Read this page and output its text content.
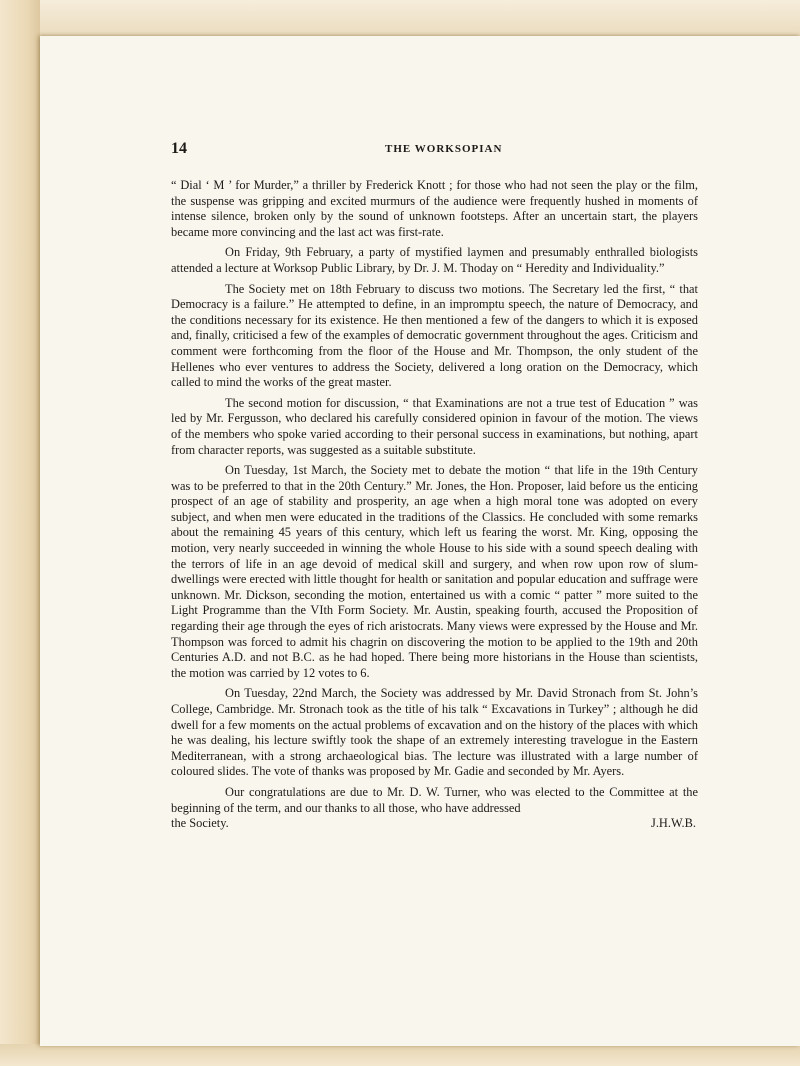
14	THE WORKSOPIAN

“ Dial ‘ M ’ for Murder,” a thriller by Frederick Knott ; for those who had not seen the play or the film, the suspense was gripping and excited murmurs of the audience were frequently hushed in moments of intense silence, broken only by the sound of unknown footsteps. After an uncertain start, the players became more convincing and the last act was first-rate.

On Friday, 9th February, a party of mystified laymen and presumably enthralled biologists attended a lecture at Worksop Public Library, by Dr. J. M. Thoday on “ Heredity and Individuality.”

The Society met on 18th February to discuss two motions. The Secretary led the first, “ that Democracy is a failure.” He attempted to define, in an impromptu speech, the nature of Democracy, and the conditions necessary for its existence. He then mentioned a few of the dangers to which it is exposed and, finally, criticised a few of the examples of democratic government throughout the ages. Criticism and comment were forthcoming from the floor of the House and Mr. Thompson, the only student of the Hellenes who ever ventures to address the Society, delivered a long oration on the Democracy, which called to mind the works of the great master.

The second motion for discussion, “ that Examinations are not a true test of Education ” was led by Mr. Fergusson, who declared his carefully considered opinion in favour of the motion. The views of the members who spoke varied according to their personal success in examinations, but nothing, apart from character reports, was suggested as a suitable substitute.

On Tuesday, 1st March, the Society met to debate the motion “ that life in the 19th Century was to be preferred to that in the 20th Century.” Mr. Jones, the Hon. Proposer, laid before us the enticing prospect of an age of stability and prosperity, an age when a high moral tone was adopted on every subject, and when men were educated in the traditions of the Classics. He concluded with some remarks about the remaining 45 years of this century, which left us fearing the worst. Mr. King, opposing the motion, very nearly succeeded in winning the whole House to his side with a sound speech dealing with the terrors of life in an age devoid of medical skill and surgery, and when row upon row of slum-dwellings were erected with little thought for health or sanitation and popular education and suffrage were unknown. Mr. Dickson, seconding the motion, entertained us with a comic “ patter ” more suited to the Light Programme than the VIth Form Society. Mr. Austin, speaking fourth, accused the Proposition of regarding their age through the eyes of rich aristocrats. Many views were expressed by the House and Mr. Thompson was forced to admit his chagrin on discovering the motion to be applied to the 19th and 20th Centuries A.D. and not B.C. as he had hoped. There being more historians in the House than scientists, the motion was carried by 12 votes to 6.

On Tuesday, 22nd March, the Society was addressed by Mr. David Stronach from St. John’s College, Cambridge. Mr. Stronach took as the title of his talk “ Excavations in Turkey” ; although he did dwell for a few moments on the actual problems of excavation and on the history of the places with which he was dealing, his lecture swiftly took the shape of an extremely interesting travelogue in the Eastern Mediterranean, with a strong archaeological bias. The lecture was illustrated with a large number of coloured slides. The vote of thanks was proposed by Mr. Gadie and seconded by Mr. Ayers.

Our congratulations are due to Mr. D. W. Turner, who was elected to the Committee at the beginning of the term, and our thanks to all those, who have addressed

the Society.	J.H.W.B.
